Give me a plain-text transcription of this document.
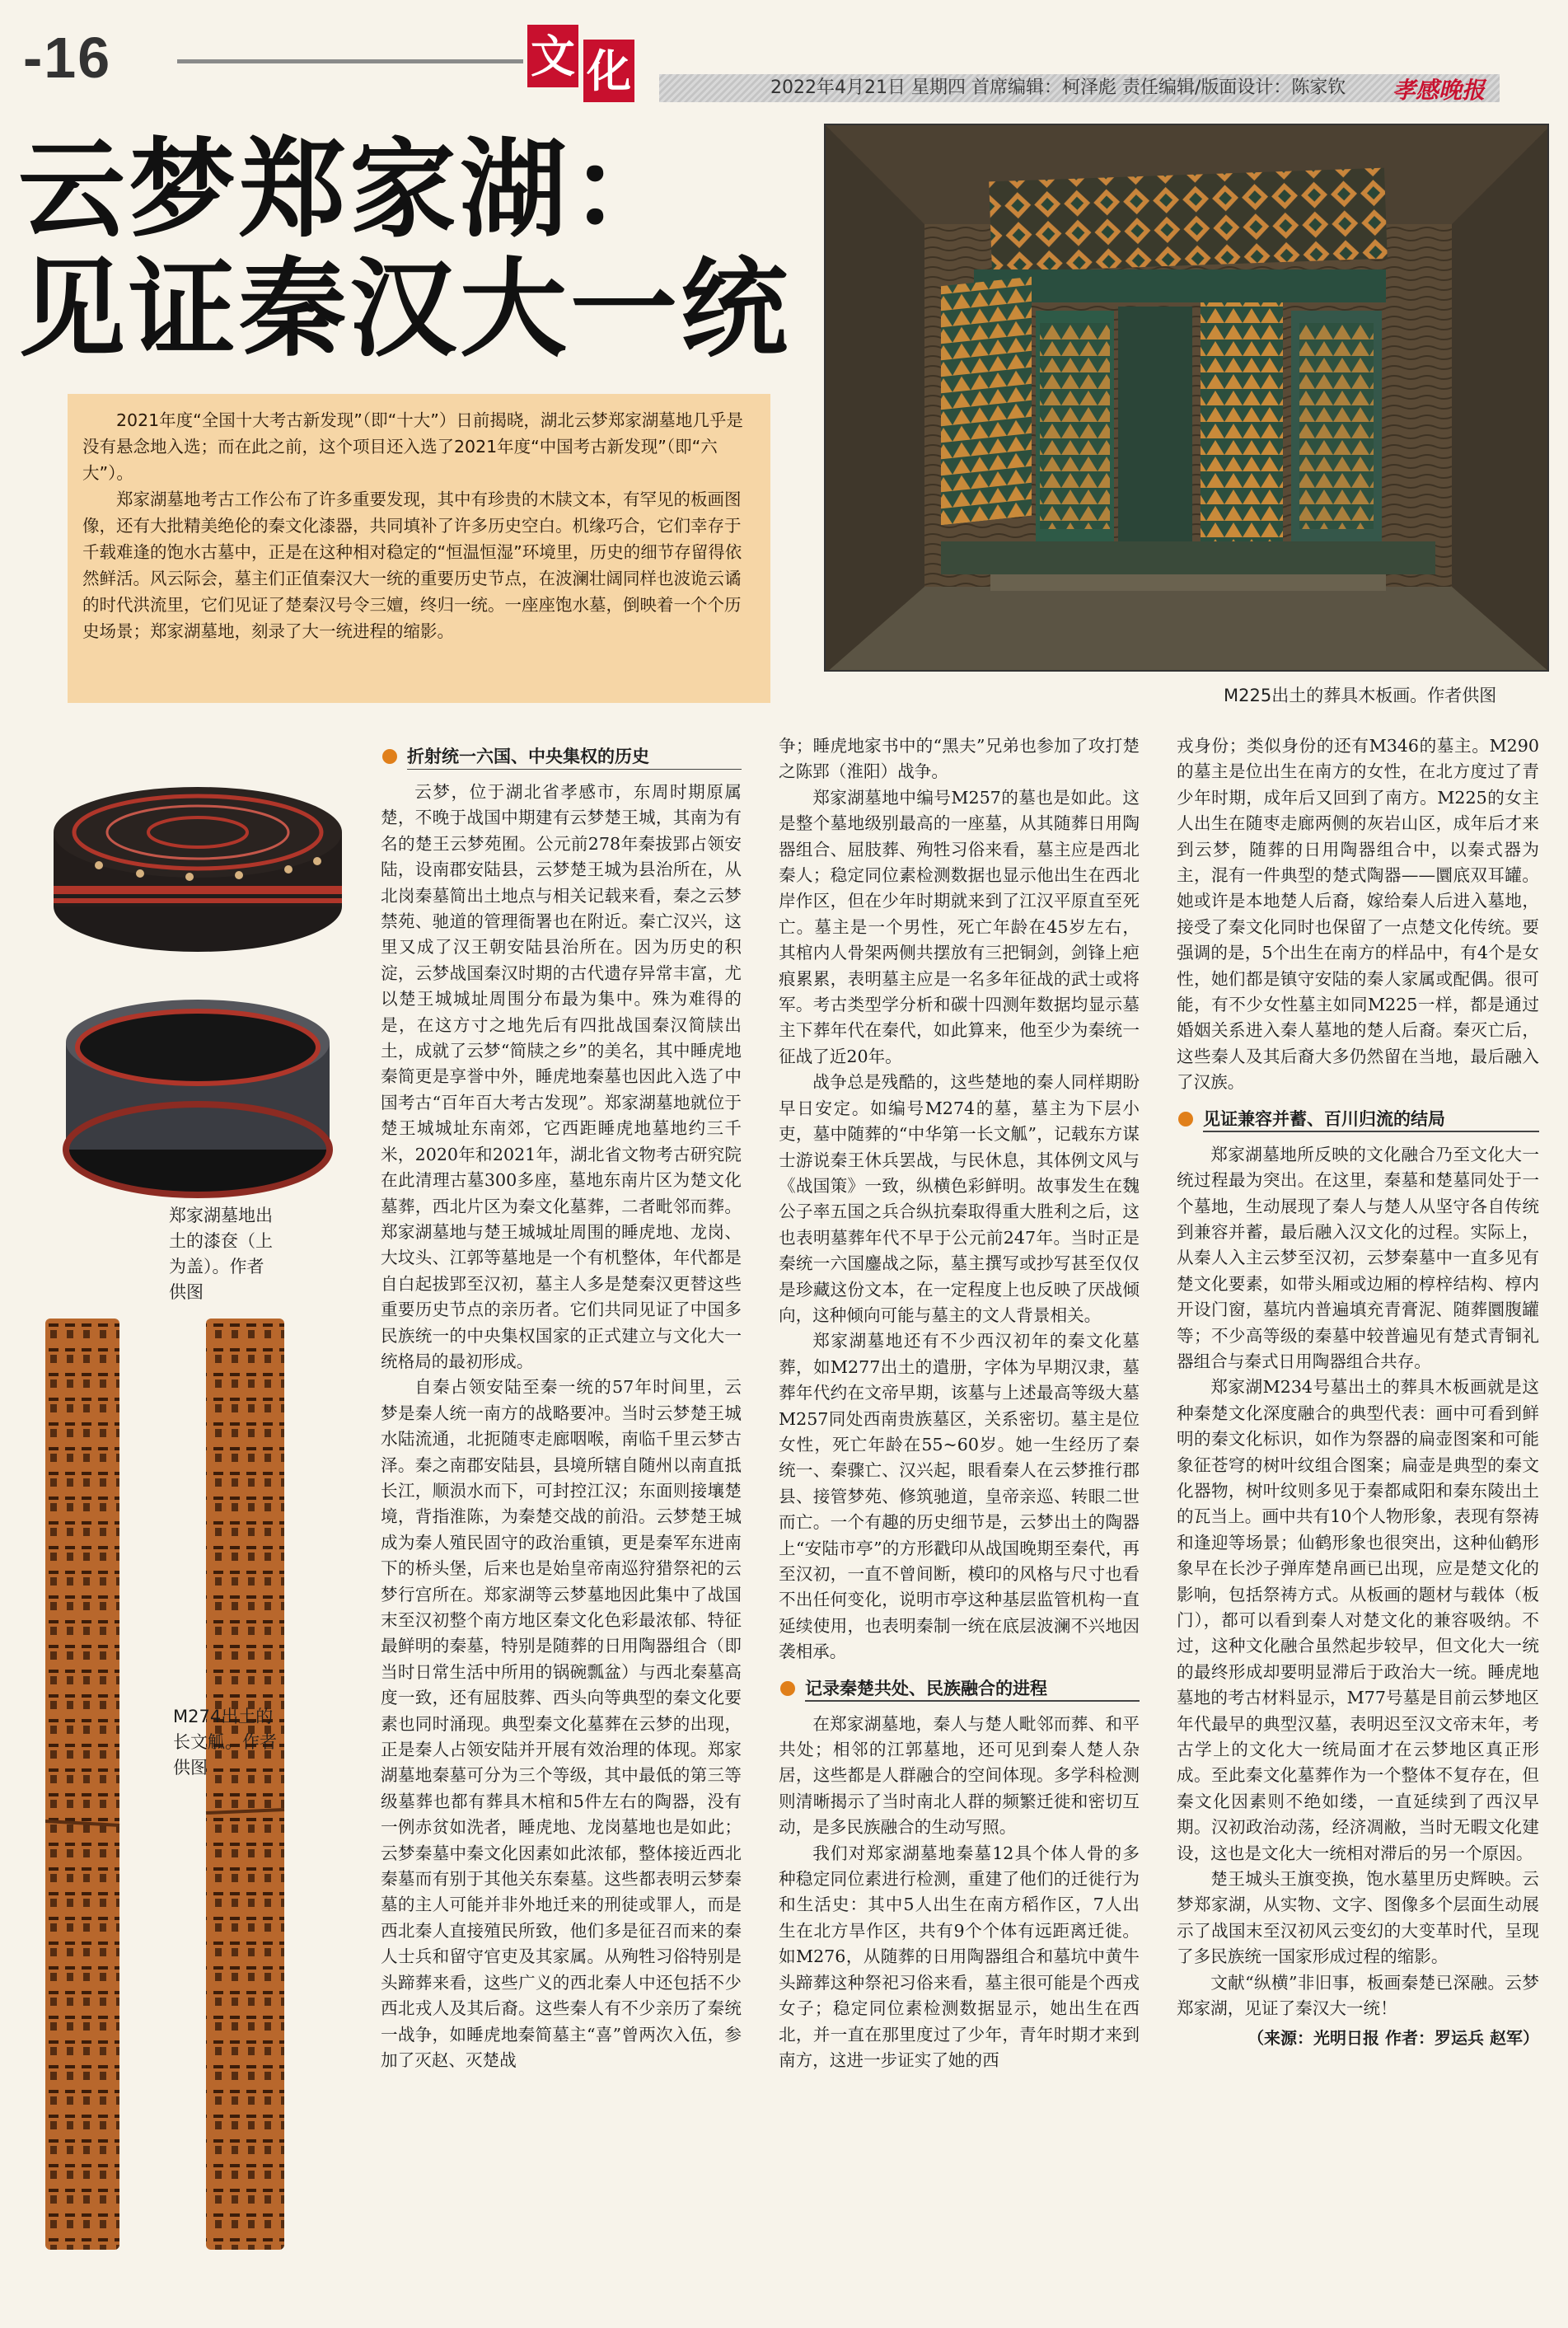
-16	文 化	2022年4月21日 星期四 首席编辑：柯泽彪 责任编辑/版面设计：陈家钦	孝感晚报
云梦郑家湖：
见证秦汉大一统

2021年度“全国十大考古新发现”（即“十大”）日前揭晓，湖北云梦郑家湖墓地几乎是没有悬念地入选；而在此之前，这个项目还入选了2021年度“中国考古新发现”（即“六大”）。

郑家湖墓地考古工作公布了许多重要发现，其中有珍贵的木牍文本，有罕见的板画图像，还有大批精美绝伦的秦文化漆器，共同填补了许多历史空白。机缘巧合，它们幸存于千载难逢的饱水古墓中，正是在这种相对稳定的“恒温恒湿”环境里，历史的细节存留得依然鲜活。风云际会，墓主们正值秦汉大一统的重要历史节点，在波澜壮阔同样也波诡云谲的时代洪流里，它们见证了楚秦汉号令三嬗，终归一统。一座座饱水墓，倒映着一个个历史场景；郑家湖墓地，刻录了大一统进程的缩影。

M225出土的葬具木板画。作者供图
郑家湖墓地出土的漆奁（上为盖）。作者供图
M274出土的长文觚。作者供图
折射统一六国、中央集权的历史

云梦，位于湖北省孝感市，东周时期原属楚，不晚于战国中期建有云梦楚王城，其南为有名的楚王云梦苑囿。公元前278年秦拔郢占领安陆，设南郡安陆县，云梦楚王城为县治所在，从北岗秦墓简出土地点与相关记载来看，秦之云梦禁苑、驰道的管理衙署也在附近。秦亡汉兴，这里又成了汉王朝安陆县治所在。因为历史的积淀，云梦战国秦汉时期的古代遗存异常丰富，尤以楚王城城址周围分布最为集中。殊为难得的是，在这方寸之地先后有四批战国秦汉简牍出土，成就了云梦“简牍之乡”的美名，其中睡虎地秦简更是享誉中外，睡虎地秦墓也因此入选了中国考古“百年百大考古发现”。郑家湖墓地就位于楚王城城址东南郊，它西距睡虎地墓地约三千米，2020年和2021年，湖北省文物考古研究院在此清理古墓300多座，墓地东南片区为楚文化墓葬，西北片区为秦文化墓葬，二者毗邻而葬。郑家湖墓地与楚王城城址周围的睡虎地、龙岗、大坟头、江郭等墓地是一个有机整体，年代都是自白起拔郢至汉初，墓主人多是楚秦汉更替这些重要历史节点的亲历者。它们共同见证了中国多民族统一的中央集权国家的正式建立与文化大一统格局的最初形成。

自秦占领安陆至秦一统的57年时间里，云梦是秦人统一南方的战略要冲。当时云梦楚王城水陆流通，北扼随枣走廊咽喉，南临千里云梦古泽。秦之南郡安陆县，县境所辖自随州以南直抵长江，顺涢水而下，可封控江汉；东面则接壤楚境，背指淮陈，为秦楚交战的前沿。云梦楚王城成为秦人殖民固守的政治重镇，更是秦军东进南下的桥头堡，后来也是始皇帝南巡狩猎祭祀的云梦行宫所在。郑家湖等云梦墓地因此集中了战国末至汉初整个南方地区秦文化色彩最浓郁、特征最鲜明的秦墓，特别是随葬的日用陶器组合（即当时日常生活中所用的锅碗瓢盆）与西北秦墓高度一致，还有屈肢葬、西头向等典型的秦文化要素也同时涌现。典型秦文化墓葬在云梦的出现，正是秦人占领安陆并开展有效治理的体现。郑家湖墓地秦墓可分为三个等级，其中最低的第三等级墓葬也都有葬具木棺和5件左右的陶器，没有一例赤贫如洗者，睡虎地、龙岗墓地也是如此；云梦秦墓中秦文化因素如此浓郁，整体接近西北秦墓而有别于其他关东秦墓。这些都表明云梦秦墓的主人可能并非外地迁来的刑徒或罪人，而是西北秦人直接殖民所致，他们多是征召而来的秦人士兵和留守官吏及其家属。从殉牲习俗特别是头蹄葬来看，这些广义的西北秦人中还包括不少西北戎人及其后裔。这些秦人有不少亲历了秦统一战争，如睡虎地秦简墓主“喜”曾两次入伍，参加了灭赵、灭楚战

争；睡虎地家书中的“黑夫”兄弟也参加了攻打楚之陈郢（淮阳）战争。

郑家湖墓地中编号M257的墓也是如此。这是整个墓地级别最高的一座墓，从其随葬日用陶器组合、屈肢葬、殉牲习俗来看，墓主应是西北秦人；稳定同位素检测数据也显示他出生在西北岸作区，但在少年时期就来到了江汉平原直至死亡。墓主是一个男性，死亡年龄在45岁左右，其棺内人骨架两侧共摆放有三把铜剑，剑锋上疤痕累累，表明墓主应是一名多年征战的武士或将军。考古类型学分析和碳十四测年数据均显示墓主下葬年代在秦代，如此算来，他至少为秦统一征战了近20年。

战争总是残酷的，这些楚地的秦人同样期盼早日安定。如编号M274的墓，墓主为下层小吏，墓中随葬的“中华第一长文觚”，记载东方谋士游说秦王休兵罢战，与民休息，其体例文风与《战国策》一致，纵横色彩鲜明。故事发生在魏公子率五国之兵合纵抗秦取得重大胜利之后，这也表明墓葬年代不早于公元前247年。当时正是秦统一六国鏖战之际，墓主撰写或抄写甚至仅仅是珍藏这份文本，在一定程度上也反映了厌战倾向，这种倾向可能与墓主的文人背景相关。

郑家湖墓地还有不少西汉初年的秦文化墓葬，如M277出土的遣册，字体为早期汉隶，墓葬年代约在文帝早期，该墓与上述最高等级大墓M257同处西南贵族墓区，关系密切。墓主是位女性，死亡年龄在55~60岁。她一生经历了秦统一、秦骤亡、汉兴起，眼看秦人在云梦推行郡县、接管梦苑、修筑驰道，皇帝亲巡、转眼二世而亡。一个有趣的历史细节是，云梦出土的陶器上“安陆市亭”的方形戳印从战国晚期至秦代，再至汉初，一直不曾间断，模印的风格与尺寸也看不出任何变化，说明市亭这种基层监管机构一直延续使用，也表明秦制一统在底层波澜不兴地因袭相承。

记录秦楚共处、民族融合的进程

在郑家湖墓地，秦人与楚人毗邻而葬、和平共处；相邻的江郭墓地，还可见到秦人楚人杂居，这些都是人群融合的空间体现。多学科检测则清晰揭示了当时南北人群的频繁迁徙和密切互动，是多民族融合的生动写照。

我们对郑家湖墓地秦墓12具个体人骨的多种稳定同位素进行检测，重建了他们的迁徙行为和生活史：其中5人出生在南方稻作区，7人出生在北方旱作区，共有9个个体有远距离迁徙。如M276，从随葬的日用陶器组合和墓坑中黄牛头蹄葬这种祭祀习俗来看，墓主很可能是个西戎女子；稳定同位素检测数据显示，她出生在西北，并一直在那里度过了少年，青年时期才来到南方，这进一步证实了她的西

戎身份；类似身份的还有M346的墓主。M290的墓主是位出生在南方的女性，在北方度过了青少年时期，成年后又回到了南方。M225的女主人出生在随枣走廊两侧的灰岩山区，成年后才来到云梦，随葬的日用陶器组合中，以秦式器为主，混有一件典型的楚式陶器——圜底双耳罐。她或许是本地楚人后裔，嫁给秦人后进入墓地，接受了秦文化同时也保留了一点楚文化传统。要强调的是，5个出生在南方的样品中，有4个是女性，她们都是镇守安陆的秦人家属或配偶。很可能，有不少女性墓主如同M225一样，都是通过婚姻关系进入秦人墓地的楚人后裔。秦灭亡后，这些秦人及其后裔大多仍然留在当地，最后融入了汉族。

见证兼容并蓄、百川归流的结局

郑家湖墓地所反映的文化融合乃至文化大一统过程最为突出。在这里，秦墓和楚墓同处于一个墓地，生动展现了秦人与楚人从坚守各自传统到兼容并蓄，最后融入汉文化的过程。实际上，从秦人入主云梦至汉初，云梦秦墓中一直多见有楚文化要素，如带头厢或边厢的椁梓结构、椁内开设门窗，墓坑内普遍填充青膏泥、随葬圜腹罐等；不少高等级的秦墓中较普遍见有楚式青铜礼器组合与秦式日用陶器组合共存。

郑家湖M234号墓出土的葬具木板画就是这种秦楚文化深度融合的典型代表：画中可看到鲜明的秦文化标识，如作为祭器的扁壶图案和可能象征苍穹的树叶纹组合图案；扁壶是典型的秦文化器物，树叶纹则多见于秦都咸阳和秦东陵出土的瓦当上。画中共有10个人物形象，表现有祭祷和逢迎等场景；仙鹤形象也很突出，这种仙鹤形象早在长沙子弹库楚帛画已出现，应是楚文化的影响，包括祭祷方式。从板画的题材与载体（板门），都可以看到秦人对楚文化的兼容吸纳。不过，这种文化融合虽然起步较早，但文化大一统的最终形成却要明显滞后于政治大一统。睡虎地墓地的考古材料显示，M77号墓是目前云梦地区年代最早的典型汉墓，表明迟至汉文帝末年，考古学上的文化大一统局面才在云梦地区真正形成。至此秦文化墓葬作为一个整体不复存在，但秦文化因素则不绝如缕，一直延续到了西汉早期。汉初政治动荡，经济凋敝，当时无暇文化建设，这也是文化大一统相对滞后的另一个原因。

楚王城头王旗变换，饱水墓里历史辉映。云梦郑家湖，从实物、文字、图像多个层面生动展示了战国末至汉初风云变幻的大变革时代，呈现了多民族统一国家形成过程的缩影。

文献“纵横”非旧事，板画秦楚已深融。云梦郑家湖，见证了秦汉大一统！

（来源：光明日报 作者：罗运兵 赵军）
